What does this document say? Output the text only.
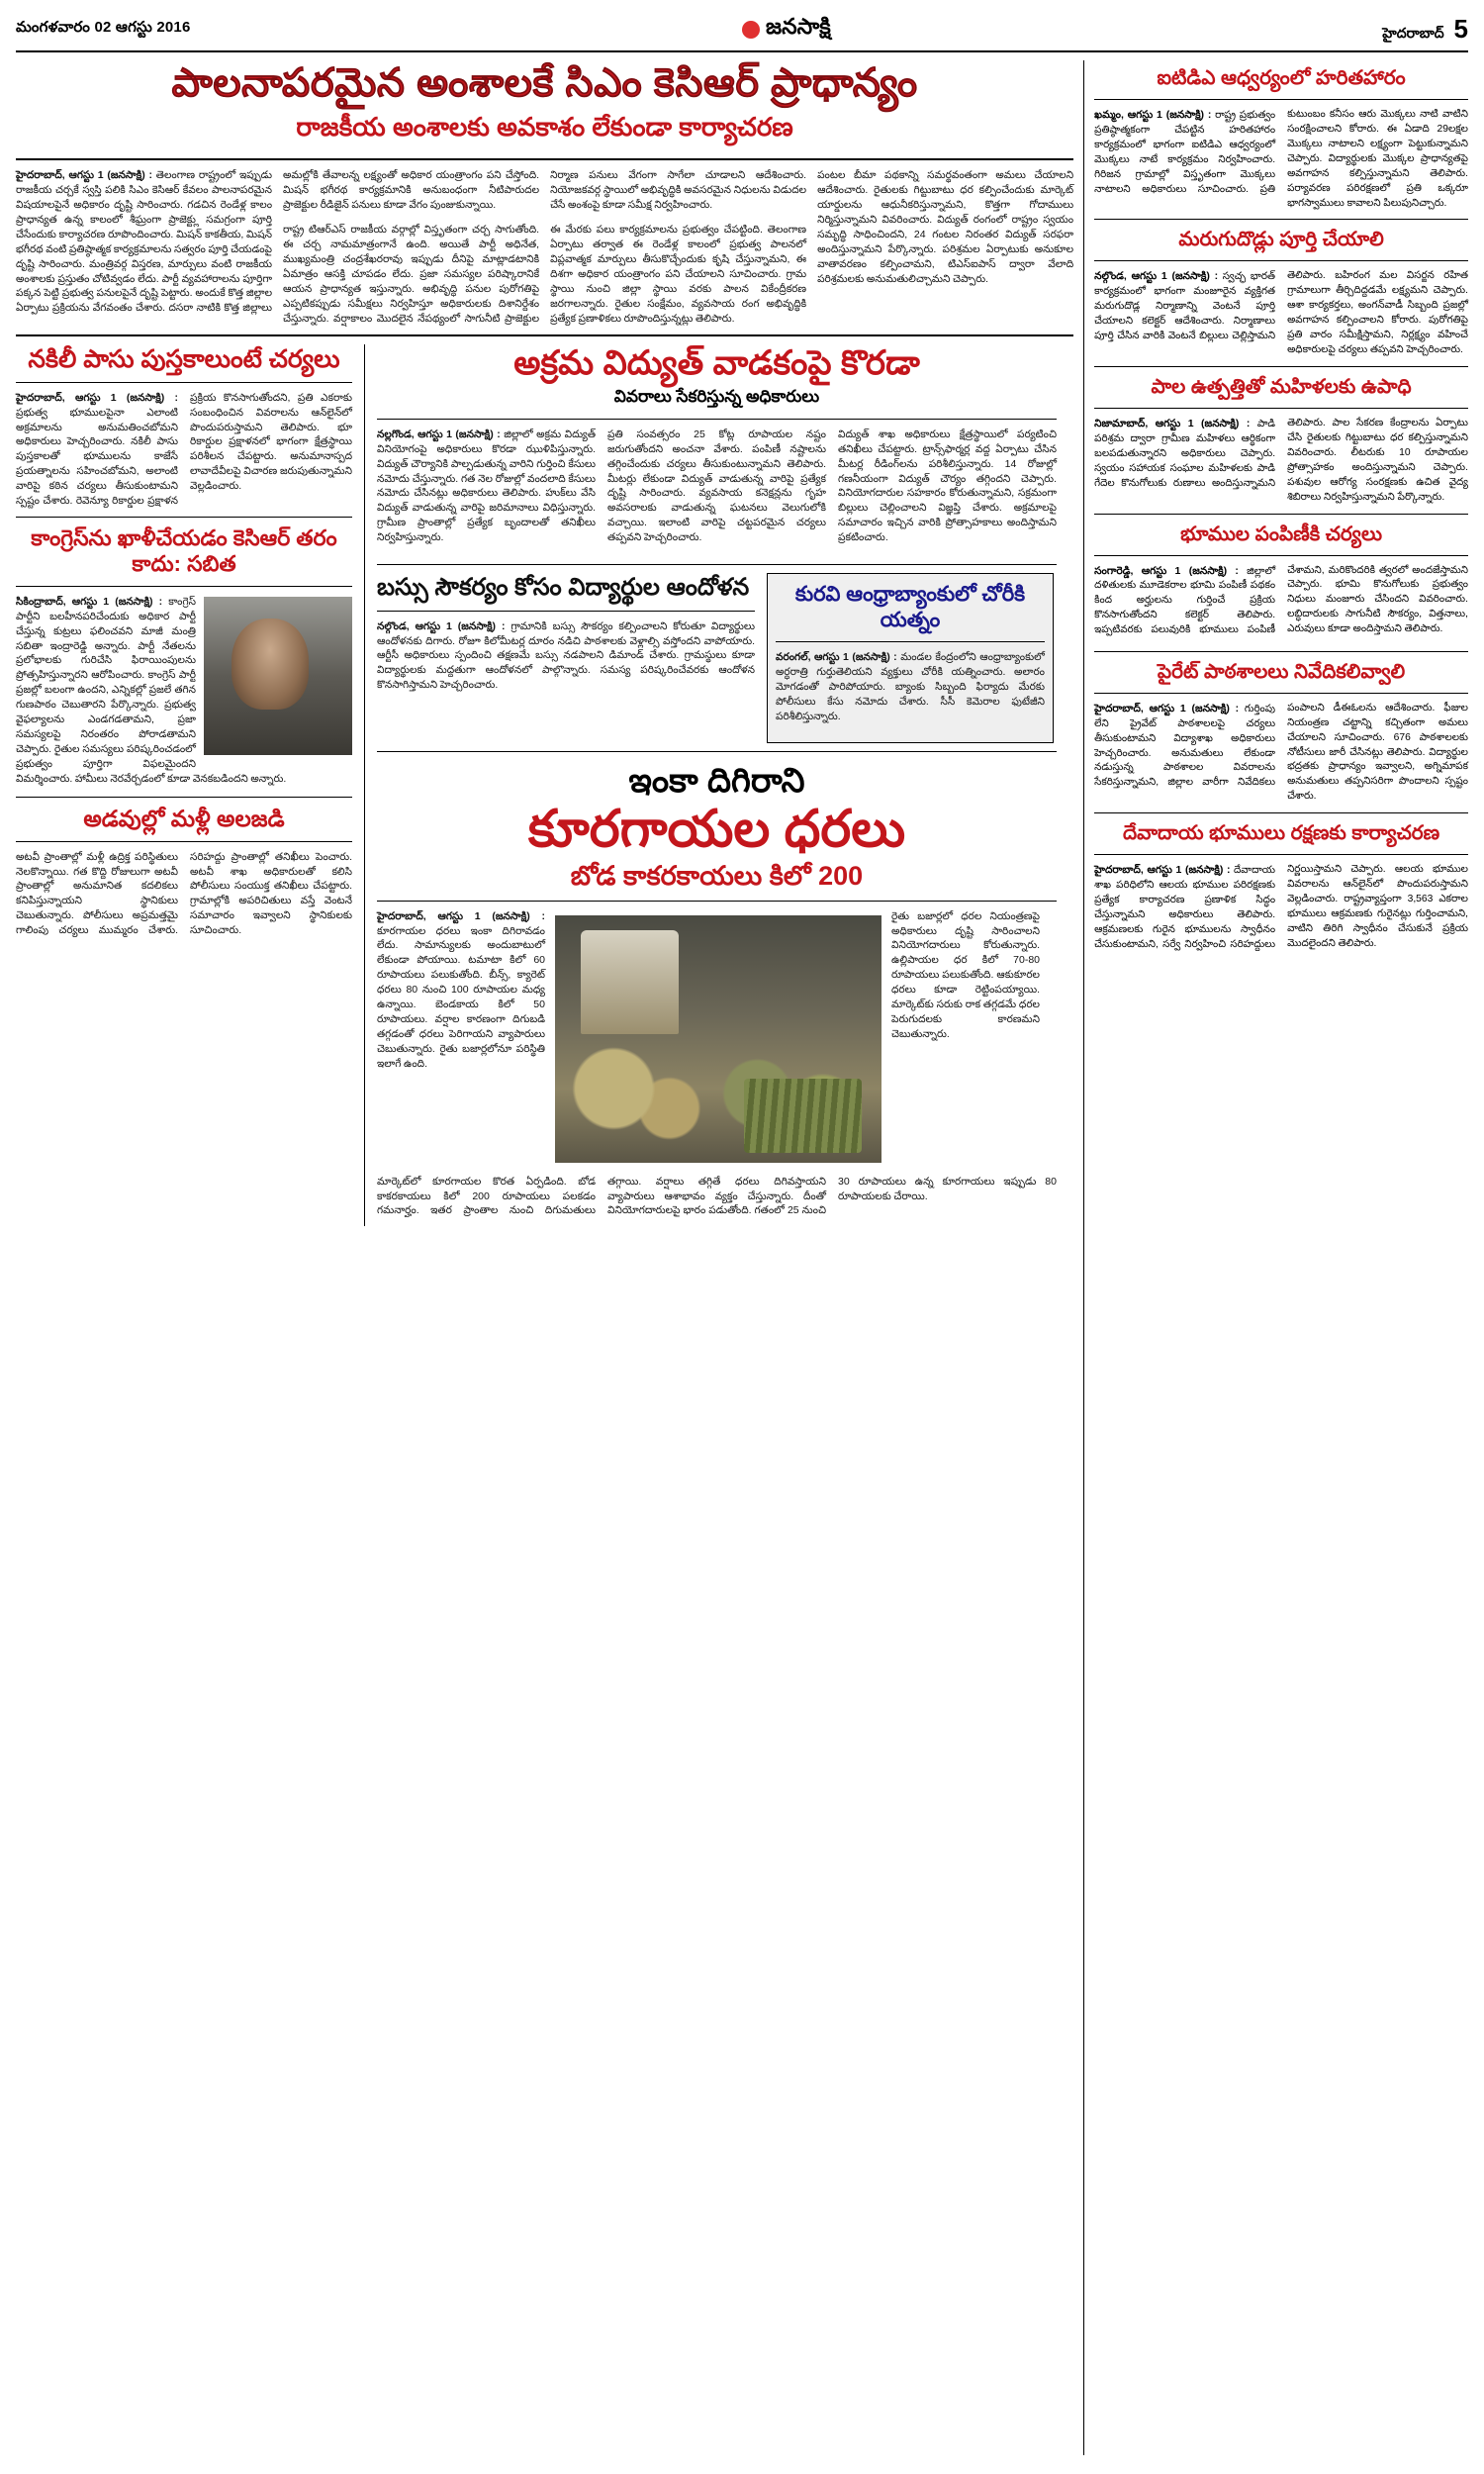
మంగళవారం 02 ఆగస్టు 2016	జనసాక్షి	హైదరాబాద్ 5
పాలనాపరమైన అంశాలకే సిఎం కెసిఆర్ ప్రాధాన్యం
రాజకీయ అంశాలకు అవకాశం లేకుండా కార్యాచరణ

హైదరాబాద్, ఆగస్టు 1 (జనసాక్షి) : తెలంగాణ రాష్ట్రంలో ఇప్పుడు రాజకీయ చర్చకే స్వస్తి పలికి సిఎం కెసిఆర్ కేవలం పాలనాపరమైన విషయాలపైనే అధికారం దృష్టి సారించారు. గడచిన రెండేళ్ల కాలం ప్రాధాన్యత ఉన్న కాలంలో శీఘ్రంగా ప్రాజెక్ట్లు సమగ్రంగా పూర్తి చేసేందుకు కార్యాచరణ రూపొందించారు. మిషన్ కాకతీయ, మిషన్ భగీరథ వంటి ప్రతిష్ఠాత్మక కార్యక్రమాలను సత్వరం పూర్తి చేయడంపై దృష్టి సారించారు. మంత్రివర్గ విస్తరణ, మార్పులు వంటి రాజకీయ అంశాలకు ప్రస్తుతం చోటివ్వడం లేదు. పార్టీ వ్యవహారాలను పూర్తిగా పక్కన పెట్టి ప్రభుత్వ పనులపైనే దృష్టి పెట్టారు. అందుకే కొత్త జిల్లాల ఏర్పాటు ప్రక్రియను వేగవంతం చేశారు. దసరా నాటికి కొత్త జిల్లాలు అమల్లోకి తేవాలన్న లక్ష్యంతో అధికార యంత్రాంగం పని చేస్తోంది. మిషన్ భగీరథ కార్యక్రమానికి అనుబంధంగా నీటిపారుదల ప్రాజెక్టుల రీడిజైన్ పనులు కూడా వేగం పుంజుకున్నాయి.

రాష్ట్ర టిఆర్ఎస్ రాజకీయ వర్గాల్లో విస్తృతంగా చర్చ సాగుతోంది. ఈ చర్చ నామమాత్రంగానే ఉంది. అయితే పార్టీ అధినేత, ముఖ్యమంత్రి చంద్రశేఖరరావు ఇప్పుడు దీనిపై మాట్లాడటానికి ఏమాత్రం ఆసక్తి చూపడం లేదు. ప్రజా సమస్యల పరిష్కారానికే ఆయన ప్రాధాన్యత ఇస్తున్నారు. అభివృద్ధి పనుల పురోగతిపై ఎప్పటికప్పుడు సమీక్షలు నిర్వహిస్తూ అధికారులకు దిశానిర్దేశం చేస్తున్నారు. వర్షాకాలం మొదలైన నేపథ్యంలో సాగునీటి ప్రాజెక్టుల నిర్మాణ పనులు వేగంగా సాగేలా చూడాలని ఆదేశించారు. నియోజకవర్గ స్థాయిలో అభివృద్ధికి అవసరమైన నిధులను విడుదల చేసే అంశంపై కూడా సమీక్ష నిర్వహించారు.

ఈ మేరకు పలు కార్యక్రమాలను ప్రభుత్వం చేపట్టింది. తెలంగాణ ఏర్పాటు తర్వాత ఈ రెండేళ్ల కాలంలో ప్రభుత్వ పాలనలో విప్లవాత్మక మార్పులు తీసుకొచ్చేందుకు కృషి చేస్తున్నామని, ఈ దిశగా అధికార యంత్రాంగం పని చేయాలని సూచించారు. గ్రామ స్థాయి నుంచి జిల్లా స్థాయి వరకు పాలన వికేంద్రీకరణ జరగాలన్నారు. రైతుల సంక్షేమం, వ్యవసాయ రంగ అభివృద్ధికి ప్రత్యేక ప్రణాళికలు రూపొందిస్తున్నట్లు తెలిపారు.

పంటల బీమా పథకాన్ని సమర్థవంతంగా అమలు చేయాలని ఆదేశించారు. రైతులకు గిట్టుబాటు ధర కల్పించేందుకు మార్కెట్ యార్డులను ఆధునీకరిస్తున్నామని, కొత్తగా గోదాములు నిర్మిస్తున్నామని వివరించారు. విద్యుత్ రంగంలో రాష్ట్రం స్వయం సమృద్ధి సాధించిందని, 24 గంటల నిరంతర విద్యుత్ సరఫరా అందిస్తున్నామని పేర్కొన్నారు. పరిశ్రమల ఏర్పాటుకు అనుకూల వాతావరణం కల్పించామని, టిఎస్ఐపాస్ ద్వారా వేలాది పరిశ్రమలకు అనుమతులిచ్చామని చెప్పారు.

నకిలీ పాసు పుస్తకాలుంటే చర్యలు

హైదరాబాద్, ఆగస్టు 1 (జనసాక్షి) : ప్రభుత్వ భూములపైనా ఎలాంటి అక్రమాలను అనుమతించబోమని అధికారులు హెచ్చరించారు. నకిలీ పాసు పుస్తకాలతో భూములను కాజేసే ప్రయత్నాలను సహించబోమని, అలాంటి వారిపై కఠిన చర్యలు తీసుకుంటామని స్పష్టం చేశారు. రెవెన్యూ రికార్డుల ప్రక్షాళన ప్రక్రియ కొనసాగుతోందని, ప్రతి ఎకరాకు సంబంధించిన వివరాలను ఆన్‌లైన్‌లో పొందుపరుస్తామని తెలిపారు. భూ రికార్డుల ప్రక్షాళనలో భాగంగా క్షేత్రస్థాయి పరిశీలన చేపట్టారు. అనుమానాస్పద లావాదేవీలపై విచారణ జరుపుతున్నామని వెల్లడించారు.

కాంగ్రెస్‌ను ఖాళీచేయడం కెసిఆర్ తరం కాదు: సబిత

సికింద్రాబాద్, ఆగస్టు 1 (జనసాక్షి) : కాంగ్రెస్ పార్టీని బలహీనపరిచేందుకు అధికార పార్టీ చేస్తున్న కుట్రలు ఫలించవని మాజీ మంత్రి సబితా ఇంద్రారెడ్డి అన్నారు. పార్టీ నేతలను ప్రలోభాలకు గురిచేసి ఫిరాయింపులను ప్రోత్సహిస్తున్నారని ఆరోపించారు. కాంగ్రెస్ పార్టీ ప్రజల్లో బలంగా ఉందని, ఎన్నికల్లో ప్రజలే తగిన గుణపాఠం చెబుతారని పేర్కొన్నారు. ప్రభుత్వ వైఫల్యాలను ఎండగడతామని, ప్రజా సమస్యలపై నిరంతరం పోరాడతామని చెప్పారు. రైతుల సమస్యలు పరిష్కరించడంలో ప్రభుత్వం పూర్తిగా విఫలమైందని విమర్శించారు. హామీలు నెరవేర్చడంలో కూడా వెనకబడిందని అన్నారు.

అడవుల్లో మళ్లీ అలజడి

అటవీ ప్రాంతాల్లో మళ్లీ ఉద్రిక్త పరిస్థితులు నెలకొన్నాయి. గత కొద్ది రోజులుగా అటవీ ప్రాంతాల్లో అనుమానిత కదలికలు కనిపిస్తున్నాయని స్థానికులు చెబుతున్నారు. పోలీసులు అప్రమత్తమై గాలింపు చర్యలు ముమ్మరం చేశారు. సరిహద్దు ప్రాంతాల్లో తనిఖీలు పెంచారు. అటవీ శాఖ అధికారులతో కలిసి పోలీసులు సంయుక్త తనిఖీలు చేపట్టారు. గ్రామాల్లోకి అపరిచితులు వస్తే వెంటనే సమాచారం ఇవ్వాలని స్థానికులకు సూచించారు.

అక్రమ విద్యుత్ వాడకంపై కొరడా
వివరాలు సేకరిస్తున్న అధికారులు

నల్లగొండ, ఆగస్టు 1 (జనసాక్షి) : జిల్లాలో అక్రమ విద్యుత్ వినియోగంపై అధికారులు కొరడా ఝుళిపిస్తున్నారు. విద్యుత్ చౌర్యానికి పాల్పడుతున్న వారిని గుర్తించి కేసులు నమోదు చేస్తున్నారు. గత నెల రోజుల్లో వందలాది కేసులు నమోదు చేసినట్లు అధికారులు తెలిపారు. హుక్‌లు వేసి విద్యుత్ వాడుతున్న వారిపై జరిమానాలు విధిస్తున్నారు. గ్రామీణ ప్రాంతాల్లో ప్రత్యేక బృందాలతో తనిఖీలు నిర్వహిస్తున్నారు.

ప్రతి సంవత్సరం 25 కోట్ల రూపాయల నష్టం జరుగుతోందని అంచనా వేశారు. పంపిణీ నష్టాలను తగ్గించేందుకు చర్యలు తీసుకుంటున్నామని తెలిపారు. మీటర్లు లేకుండా విద్యుత్ వాడుతున్న వారిపై ప్రత్యేక దృష్టి సారించారు. వ్యవసాయ కనెక్షన్లను గృహ అవసరాలకు వాడుతున్న ఘటనలు వెలుగులోకి వచ్చాయి. ఇలాంటి వారిపై చట్టపరమైన చర్యలు తప్పవని హెచ్చరించారు.

విద్యుత్ శాఖ అధికారులు క్షేత్రస్థాయిలో పర్యటించి తనిఖీలు చేపట్టారు. ట్రాన్స్‌ఫార్మర్ల వద్ద ఏర్పాటు చేసిన మీటర్ల రీడింగ్‌లను పరిశీలిస్తున్నారు. 14 రోజుల్లో గణనీయంగా విద్యుత్ చౌర్యం తగ్గిందని చెప్పారు. వినియోగదారుల సహకారం కోరుతున్నామని, సక్రమంగా బిల్లులు చెల్లించాలని విజ్ఞప్తి చేశారు. అక్రమాలపై సమాచారం ఇచ్చిన వారికి ప్రోత్సాహకాలు అందిస్తామని ప్రకటించారు.

బస్సు సౌకర్యం కోసం విద్యార్థుల ఆందోళన

నల్గొండ, ఆగస్టు 1 (జనసాక్షి) : గ్రామానికి బస్సు సౌకర్యం కల్పించాలని కోరుతూ విద్యార్థులు ఆందోళనకు దిగారు. రోజూ కిలోమీటర్ల దూరం నడిచి పాఠశాలకు వెళ్లాల్సి వస్తోందని వాపోయారు. ఆర్టీసీ అధికారులు స్పందించి తక్షణమే బస్సు నడపాలని డిమాండ్ చేశారు. గ్రామస్థులు కూడా విద్యార్థులకు మద్దతుగా ఆందోళనలో పాల్గొన్నారు. సమస్య పరిష్కరించేవరకు ఆందోళన కొనసాగిస్తామని హెచ్చరించారు.

కురవి ఆంధ్రాబ్యాంకులో చోరీకి యత్నం

వరంగల్, ఆగస్టు 1 (జనసాక్షి) : మండల కేంద్రంలోని ఆంధ్రాబ్యాంకులో అర్ధరాత్రి గుర్తుతెలియని వ్యక్తులు చోరీకి యత్నించారు. అలారం మోగడంతో పారిపోయారు. బ్యాంకు సిబ్బంది ఫిర్యాదు మేరకు పోలీసులు కేసు నమోదు చేశారు. సీసీ కెమెరాల ఫుటేజీని పరిశీలిస్తున్నారు.

ఇంకా దిగిరాని
కూరగాయల ధరలు
బోడ కాకరకాయలు కిలో 200

హైదరాబాద్, ఆగస్టు 1 (జనసాక్షి) : కూరగాయల ధరలు ఇంకా దిగిరావడం లేదు. సామాన్యులకు అందుబాటులో లేకుండా పోయాయి. టమాటా కిలో 60 రూపాయలు పలుకుతోంది. బీన్స్, క్యారెట్ ధరలు 80 నుంచి 100 రూపాయల మధ్య ఉన్నాయి. బెండకాయ కిలో 50 రూపాయలు. వర్షాల కారణంగా దిగుబడి తగ్గడంతో ధరలు పెరిగాయని వ్యాపారులు చెబుతున్నారు. రైతు బజార్లలోనూ పరిస్థితి ఇలాగే ఉంది.

రైతు బజార్లలో ధరల నియంత్రణపై అధికారులు దృష్టి సారించాలని వినియోగదారులు కోరుతున్నారు. ఉల్లిపాయల ధర కిలో 70-80 రూపాయలు పలుకుతోంది. ఆకుకూరల ధరలు కూడా రెట్టింపయ్యాయి. మార్కెట్‌కు సరుకు రాక తగ్గడమే ధరల పెరుగుదలకు కారణమని చెబుతున్నారు.

మార్కెట్‌లో కూరగాయల కొరత ఏర్పడింది. బోడ కాకరకాయలు కిలో 200 రూపాయలు పలకడం గమనార్హం. ఇతర ప్రాంతాల నుంచి దిగుమతులు తగ్గాయి. వర్షాలు తగ్గితే ధరలు దిగివస్తాయని వ్యాపారులు ఆశాభావం వ్యక్తం చేస్తున్నారు. దీంతో వినియోగదారులపై భారం పడుతోంది. గతంలో 25 నుంచి 30 రూపాయలు ఉన్న కూరగాయలు ఇప్పుడు 80 రూపాయలకు చేరాయి.

ఐటిడిఎ ఆధ్వర్యంలో హరితహారం

ఖమ్మం, ఆగస్టు 1 (జనసాక్షి) : రాష్ట్ర ప్రభుత్వం ప్రతిష్ఠాత్మకంగా చేపట్టిన హరితహారం కార్యక్రమంలో భాగంగా ఐటిడిఎ ఆధ్వర్యంలో మొక్కలు నాటే కార్యక్రమం నిర్వహించారు. గిరిజన గ్రామాల్లో విస్తృతంగా మొక్కలు నాటాలని అధికారులు సూచించారు. ప్రతి కుటుంబం కనీసం ఆరు మొక్కలు నాటి వాటిని సంరక్షించాలని కోరారు. ఈ ఏడాది 29లక్షల మొక్కలు నాటాలని లక్ష్యంగా పెట్టుకున్నామని చెప్పారు. విద్యార్థులకు మొక్కల ప్రాధాన్యతపై అవగాహన కల్పిస్తున్నామని తెలిపారు. పర్యావరణ పరిరక్షణలో ప్రతి ఒక్కరూ భాగస్వాములు కావాలని పిలుపునిచ్చారు.

మరుగుదొడ్లు పూర్తి చేయాలి

నల్గొండ, ఆగస్టు 1 (జనసాక్షి) : స్వచ్ఛ భారత్ కార్యక్రమంలో భాగంగా మంజూరైన వ్యక్తిగత మరుగుదొడ్ల నిర్మాణాన్ని వెంటనే పూర్తి చేయాలని కలెక్టర్ ఆదేశించారు. నిర్మాణాలు పూర్తి చేసిన వారికి వెంటనే బిల్లులు చెల్లిస్తామని తెలిపారు. బహిరంగ మల విసర్జన రహిత గ్రామాలుగా తీర్చిదిద్దడమే లక్ష్యమని చెప్పారు. ఆశా కార్యకర్తలు, అంగన్‌వాడీ సిబ్బంది ప్రజల్లో అవగాహన కల్పించాలని కోరారు. పురోగతిపై ప్రతి వారం సమీక్షిస్తామని, నిర్లక్ష్యం వహించే అధికారులపై చర్యలు తప్పవని హెచ్చరించారు.

పాల ఉత్పత్తితో మహిళలకు ఉపాధి

నిజామాబాద్, ఆగస్టు 1 (జనసాక్షి) : పాడి పరిశ్రమ ద్వారా గ్రామీణ మహిళలు ఆర్థికంగా బలపడుతున్నారని అధికారులు చెప్పారు. స్వయం సహాయక సంఘాల మహిళలకు పాడి గేదెల కొనుగోలుకు రుణాలు అందిస్తున్నామని తెలిపారు. పాల సేకరణ కేంద్రాలను ఏర్పాటు చేసి రైతులకు గిట్టుబాటు ధర కల్పిస్తున్నామని వివరించారు. లీటరుకు 10 రూపాయల ప్రోత్సాహకం అందిస్తున్నామని చెప్పారు. పశువుల ఆరోగ్య సంరక్షణకు ఉచిత వైద్య శిబిరాలు నిర్వహిస్తున్నామని పేర్కొన్నారు.

భూముల పంపిణీకి చర్యలు

సంగారెడ్డి, ఆగస్టు 1 (జనసాక్షి) : జిల్లాలో దళితులకు మూడెకరాల భూమి పంపిణీ పథకం కింద అర్హులను గుర్తించే ప్రక్రియ కొనసాగుతోందని కలెక్టర్ తెలిపారు. ఇప్పటివరకు పలువురికి భూములు పంపిణీ చేశామని, మరికొందరికి త్వరలో అందజేస్తామని చెప్పారు. భూమి కొనుగోలుకు ప్రభుత్వం నిధులు మంజూరు చేసిందని వివరించారు. లబ్ధిదారులకు సాగునీటి సౌకర్యం, విత్తనాలు, ఎరువులు కూడా అందిస్తామని తెలిపారు.

పైరేట్ పాఠశాలలు నివేదికలివ్వాలి

హైదరాబాద్, ఆగస్టు 1 (జనసాక్షి) : గుర్తింపు లేని ప్రైవేట్ పాఠశాలలపై చర్యలు తీసుకుంటామని విద్యాశాఖ అధికారులు హెచ్చరించారు. అనుమతులు లేకుండా నడుస్తున్న పాఠశాలల వివరాలను సేకరిస్తున్నామని, జిల్లాల వారీగా నివేదికలు పంపాలని డీఈఓలను ఆదేశించారు. ఫీజుల నియంత్రణ చట్టాన్ని కచ్చితంగా అమలు చేయాలని సూచించారు. 676 పాఠశాలలకు నోటీసులు జారీ చేసినట్లు తెలిపారు. విద్యార్థుల భద్రతకు ప్రాధాన్యం ఇవ్వాలని, అగ్నిమాపక అనుమతులు తప్పనిసరిగా పొందాలని స్పష్టం చేశారు.

దేవాదాయ భూములు రక్షణకు కార్యాచరణ

హైదరాబాద్, ఆగస్టు 1 (జనసాక్షి) : దేవాదాయ శాఖ పరిధిలోని ఆలయ భూముల పరిరక్షణకు ప్రత్యేక కార్యాచరణ ప్రణాళిక సిద్ధం చేస్తున్నామని అధికారులు తెలిపారు. ఆక్రమణలకు గురైన భూములను స్వాధీనం చేసుకుంటామని, సర్వే నిర్వహించి సరిహద్దులు నిర్ణయిస్తామని చెప్పారు. ఆలయ భూముల వివరాలను ఆన్‌లైన్‌లో పొందుపరుస్తామని వెల్లడించారు. రాష్ట్రవ్యాప్తంగా 3,563 ఎకరాల భూములు ఆక్రమణకు గురైనట్లు గుర్తించామని, వాటిని తిరిగి స్వాధీనం చేసుకునే ప్రక్రియ మొదలైందని తెలిపారు.
